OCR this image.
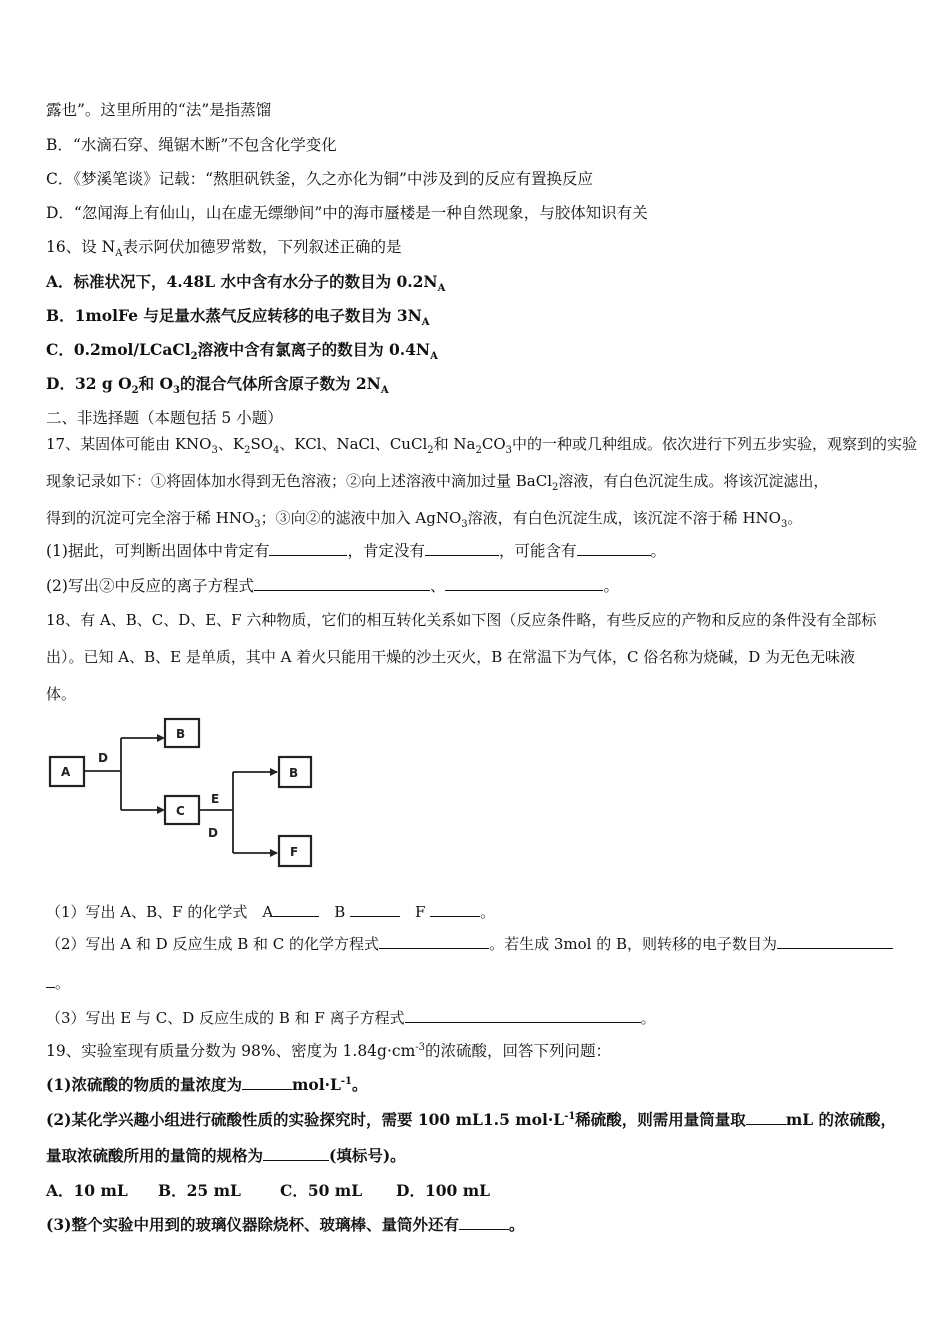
露也”。这里所用的“法”是指蒸馏
B．“水滴石穿、绳锯木断”不包含化学变化
C．《梦溪笔谈》记载：“熬胆矾铁釜，久之亦化为铜”中涉及到的反应有置换反应
D．“忽闻海上有仙山，山在虚无缥缈间”中的海市蜃楼是一种自然现象，与胶体知识有关
16、设 $N_A$表示阿伏加德罗常数，下列叙述正确的是
A．标准状况下，4.48L 水中含有水分子的数目为 $0.2N_A$
B．1molFe 与足量水蒸气反应转移的电子数目为 $3N_A$
C．0.2mol/LCaCl$_2$溶液中含有氯离子的数目为 $0.4N_A$
D．32 g $O_2$和 $O_3$的混合气体所含原子数为 $2N_A$
二、非选择题（本题包括 5 小题）
17、某固体可能由 $KNO_3$、$K_2SO_4$、KCl、NaCl、CuCl$_2$和 $Na_2CO_3$中的一种或几种组成。依次进行下列五步实验，观察到的实验
现象记录如下：①将固体加水得到无色溶液；②向上述溶液中滴加过量 BaCl$_2$溶液，有白色沉淀生成。将该沉淀滤出，
得到的沉淀可完全溶于稀 $HNO_3$；③向②的滤液中加入 AgNO$_3$溶液，有白色沉淀生成，该沉淀不溶于稀 $HNO_3$。
(1)据此，可判断出固体中肯定有	，肯定没有	，可能含有	。
(2)写出②中反应的离子方程式	、	。
18、有 A、B、C、D、E、F 六种物质，它们的相互转化关系如下图（反应条件略，有些反应的产物和反应的条件没有全部标
出）。已知 A、B、E 是单质，其中 A 着火只能用干燥的沙土灭火，B 在常温下为气体，C 俗名称为烧碱，D 为无色无味液
体。
A
D
B
C
E
D
B
F
（1）写出 A、B、F 的化学式　A	　B	　F	。
（2）写出 A 和 D 反应生成 B 和 C 的化学方程式	。若生成 3mol 的 B，则转移的电子数目为
。
（3）写出 E 与 C、D 反应生成的 B 和 F 离子方程式	。
19、实验室现有质量分数为 98%、密度为 $1.84g\cdot cm^{-3}$的浓硫酸，回答下列问题：
(1)浓硫酸的物质的量浓度为	$mol\cdot L^{-1}$。
(2)某化学兴趣小组进行硫酸性质的实验探究时，需要 100 mL1.5 $mol\cdot L^{-1}$稀硫酸，则需用量筒量取	mL 的浓硫酸，
量取浓硫酸所用的量筒的规格为	(填标号)。
A．10 mL B．25 mL	C．50 mL D．100 mL
(3)整个实验中用到的玻璃仪器除烧杯、玻璃棒、量筒外还有	。
